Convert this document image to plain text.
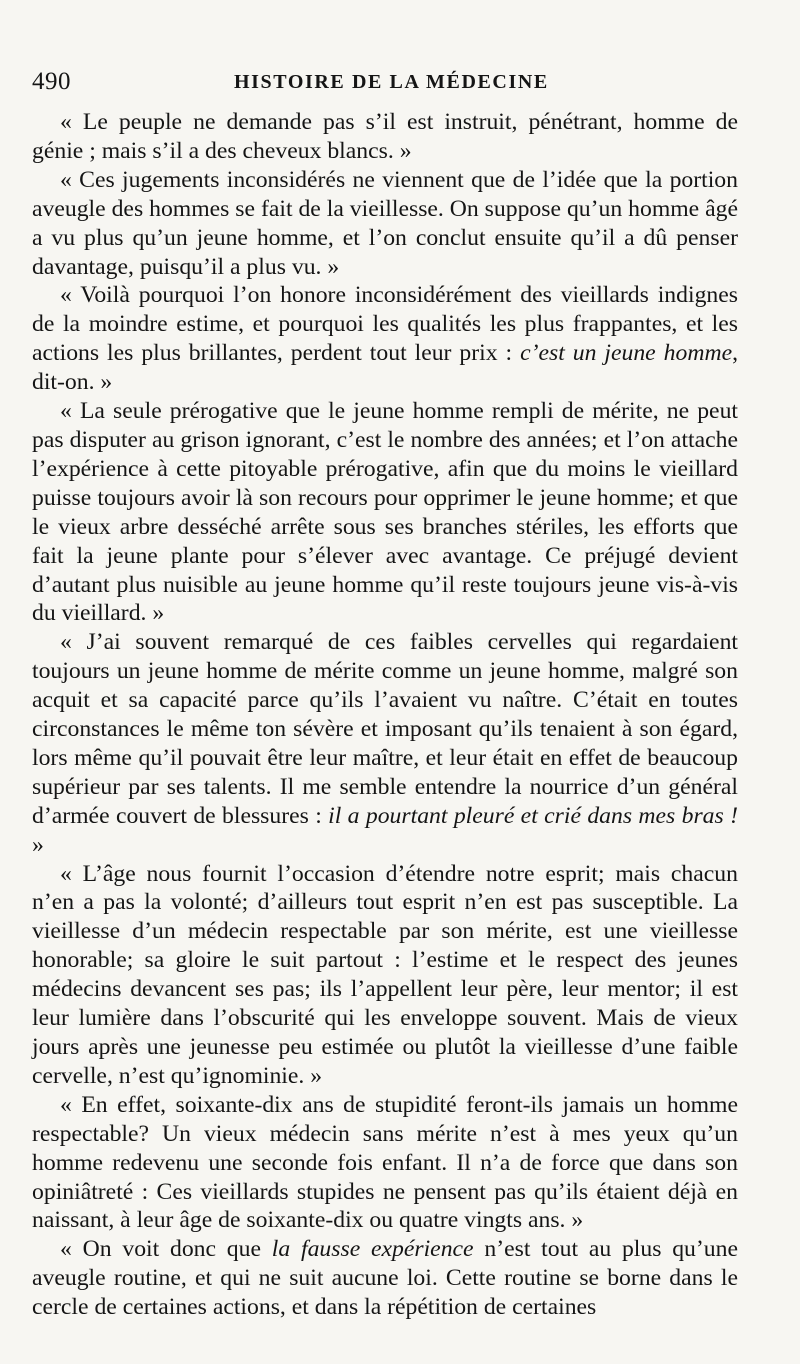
490	HISTOIRE DE LA MÉDECINE

« Le peuple ne demande pas s’il est instruit, pénétrant, homme de génie ; mais s’il a des cheveux blancs. »

« Ces jugements inconsidérés ne viennent que de l’idée que la portion aveugle des hommes se fait de la vieillesse. On suppose qu’un homme âgé a vu plus qu’un jeune homme, et l’on conclut ensuite qu’il a dû penser davantage, puisqu’il a plus vu. »

« Voilà pourquoi l’on honore inconsidérément des vieillards indignes de la moindre estime, et pourquoi les qualités les plus frappantes, et les actions les plus brillantes, perdent tout leur prix : c’est un jeune homme, dit-on. »

« La seule prérogative que le jeune homme rempli de mérite, ne peut pas disputer au grison ignorant, c’est le nombre des années; et l’on attache l’expérience à cette pitoyable prérogative, afin que du moins le vieillard puisse toujours avoir là son recours pour opprimer le jeune homme; et que le vieux arbre desséché arrête sous ses branches stériles, les efforts que fait la jeune plante pour s’élever avec avantage. Ce préjugé devient d’autant plus nuisible au jeune homme qu’il reste toujours jeune vis-à-vis du vieillard. »

« J’ai souvent remarqué de ces faibles cervelles qui regardaient toujours un jeune homme de mérite comme un jeune homme, malgré son acquit et sa capacité parce qu’ils l’avaient vu naître. C’était en toutes circonstances le même ton sévère et imposant qu’ils tenaient à son égard, lors même qu’il pouvait être leur maître, et leur était en effet de beaucoup supérieur par ses talents. Il me semble entendre la nourrice d’un général d’armée couvert de blessures : il a pourtant pleuré et crié dans mes bras ! »

« L’âge nous fournit l’occasion d’étendre notre esprit; mais chacun n’en a pas la volonté; d’ailleurs tout esprit n’en est pas susceptible. La vieillesse d’un médecin respectable par son mérite, est une vieillesse honorable; sa gloire le suit partout : l’estime et le respect des jeunes médecins devancent ses pas; ils l’appellent leur père, leur mentor; il est leur lumière dans l’obscurité qui les enveloppe souvent. Mais de vieux jours après une jeunesse peu estimée ou plutôt la vieillesse d’une faible cervelle, n’est qu’ignominie. »

« En effet, soixante-dix ans de stupidité feront-ils jamais un homme respectable? Un vieux médecin sans mérite n’est à mes yeux qu’un homme redevenu une seconde fois enfant. Il n’a de force que dans son opiniâtreté : Ces vieillards stupides ne pensent pas qu’ils étaient déjà en naissant, à leur âge de soixante-dix ou quatre vingts ans. »

« On voit donc que la fausse expérience n’est tout au plus qu’une aveugle routine, et qui ne suit aucune loi. Cette routine se borne dans le cercle de certaines actions, et dans la répétition de certaines
